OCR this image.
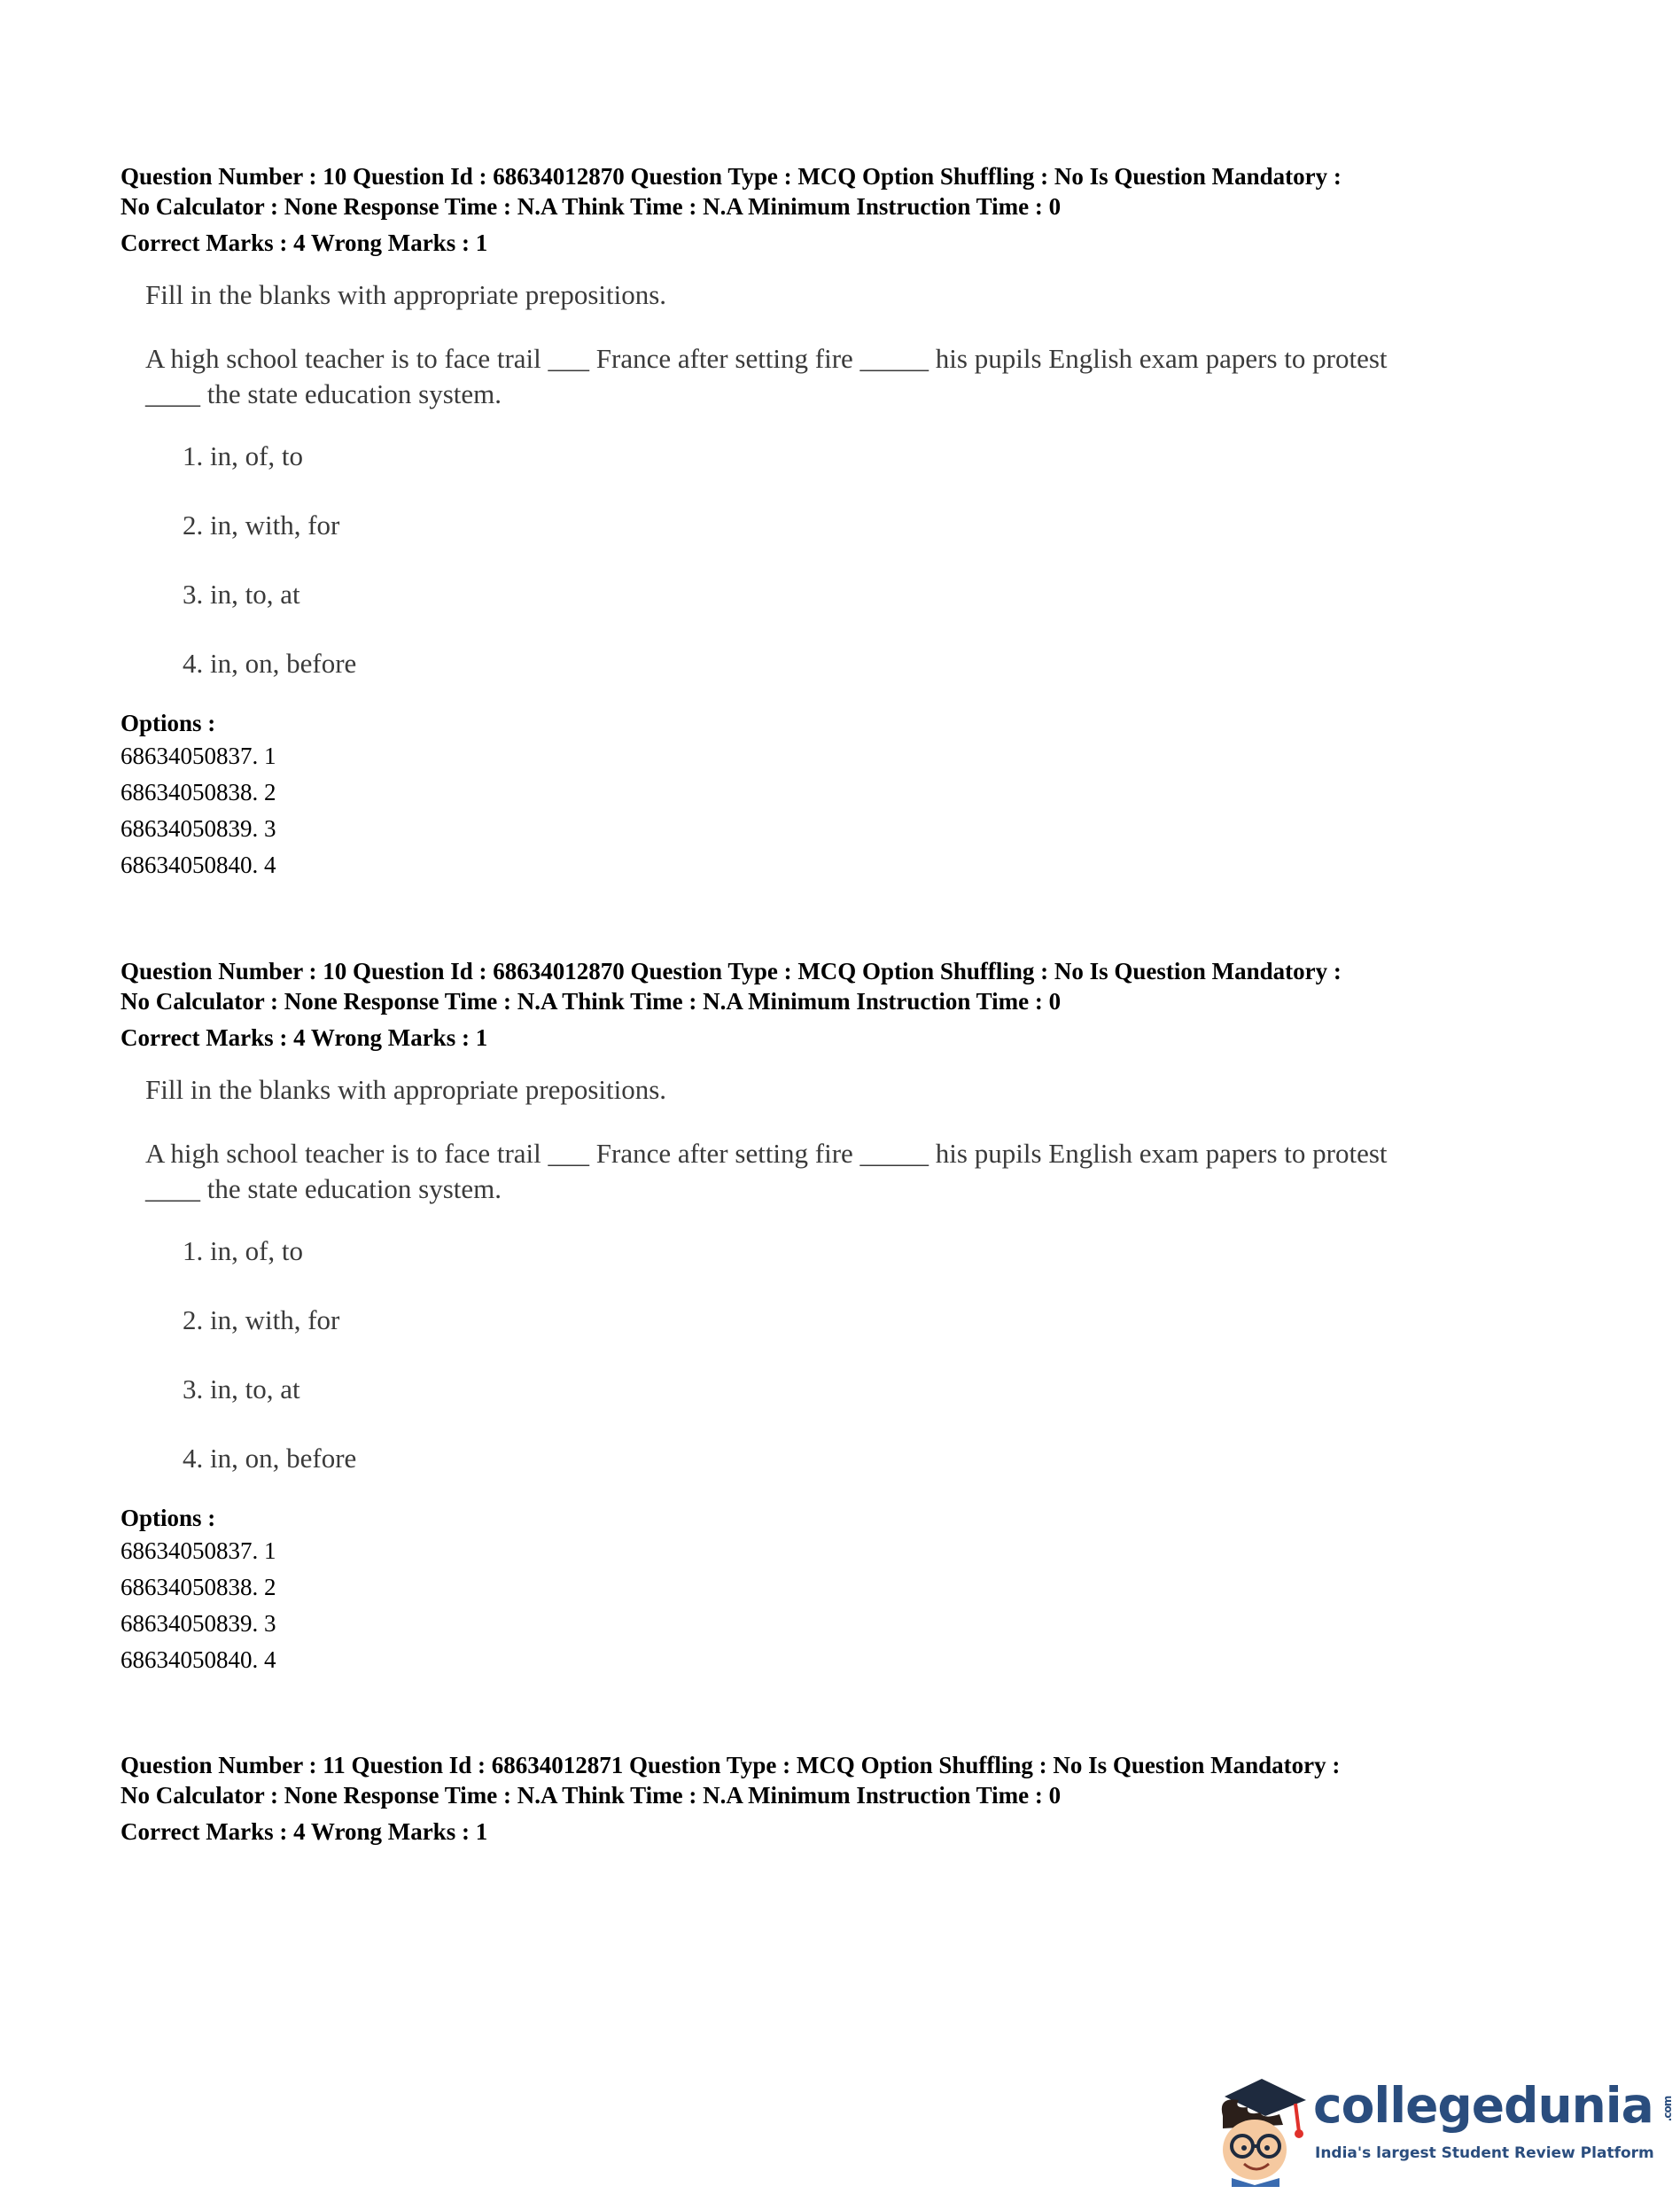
Question Number : 10 Question Id : 68634012870 Question Type : MCQ Option Shuffling : No Is Question Mandatory :

No Calculator : None Response Time : N.A Think Time : N.A Minimum Instruction Time : 0

Correct Marks : 4 Wrong Marks : 1

Fill in the blanks with appropriate prepositions.

A high school teacher is to face trail ___ France after setting fire _____ his pupils English exam papers to protest ____ the state education system.

1. in, of, to
2. in, with, for
3. in, to, at
4. in, on, before

Options :

68634050837. 1

68634050838. 2

68634050839. 3

68634050840. 4

Question Number : 10 Question Id : 68634012870 Question Type : MCQ Option Shuffling : No Is Question Mandatory :

No Calculator : None Response Time : N.A Think Time : N.A Minimum Instruction Time : 0

Correct Marks : 4 Wrong Marks : 1

Fill in the blanks with appropriate prepositions.

A high school teacher is to face trail ___ France after setting fire _____ his pupils English exam papers to protest ____ the state education system.

1. in, of, to
2. in, with, for
3. in, to, at
4. in, on, before

Options :

68634050837. 1

68634050838. 2

68634050839. 3

68634050840. 4

Question Number : 11 Question Id : 68634012871 Question Type : MCQ Option Shuffling : No Is Question Mandatory :

No Calculator : None Response Time : N.A Think Time : N.A Minimum Instruction Time : 0

Correct Marks : 4 Wrong Marks : 1

collegedunia .com
India's largest Student Review Platform
